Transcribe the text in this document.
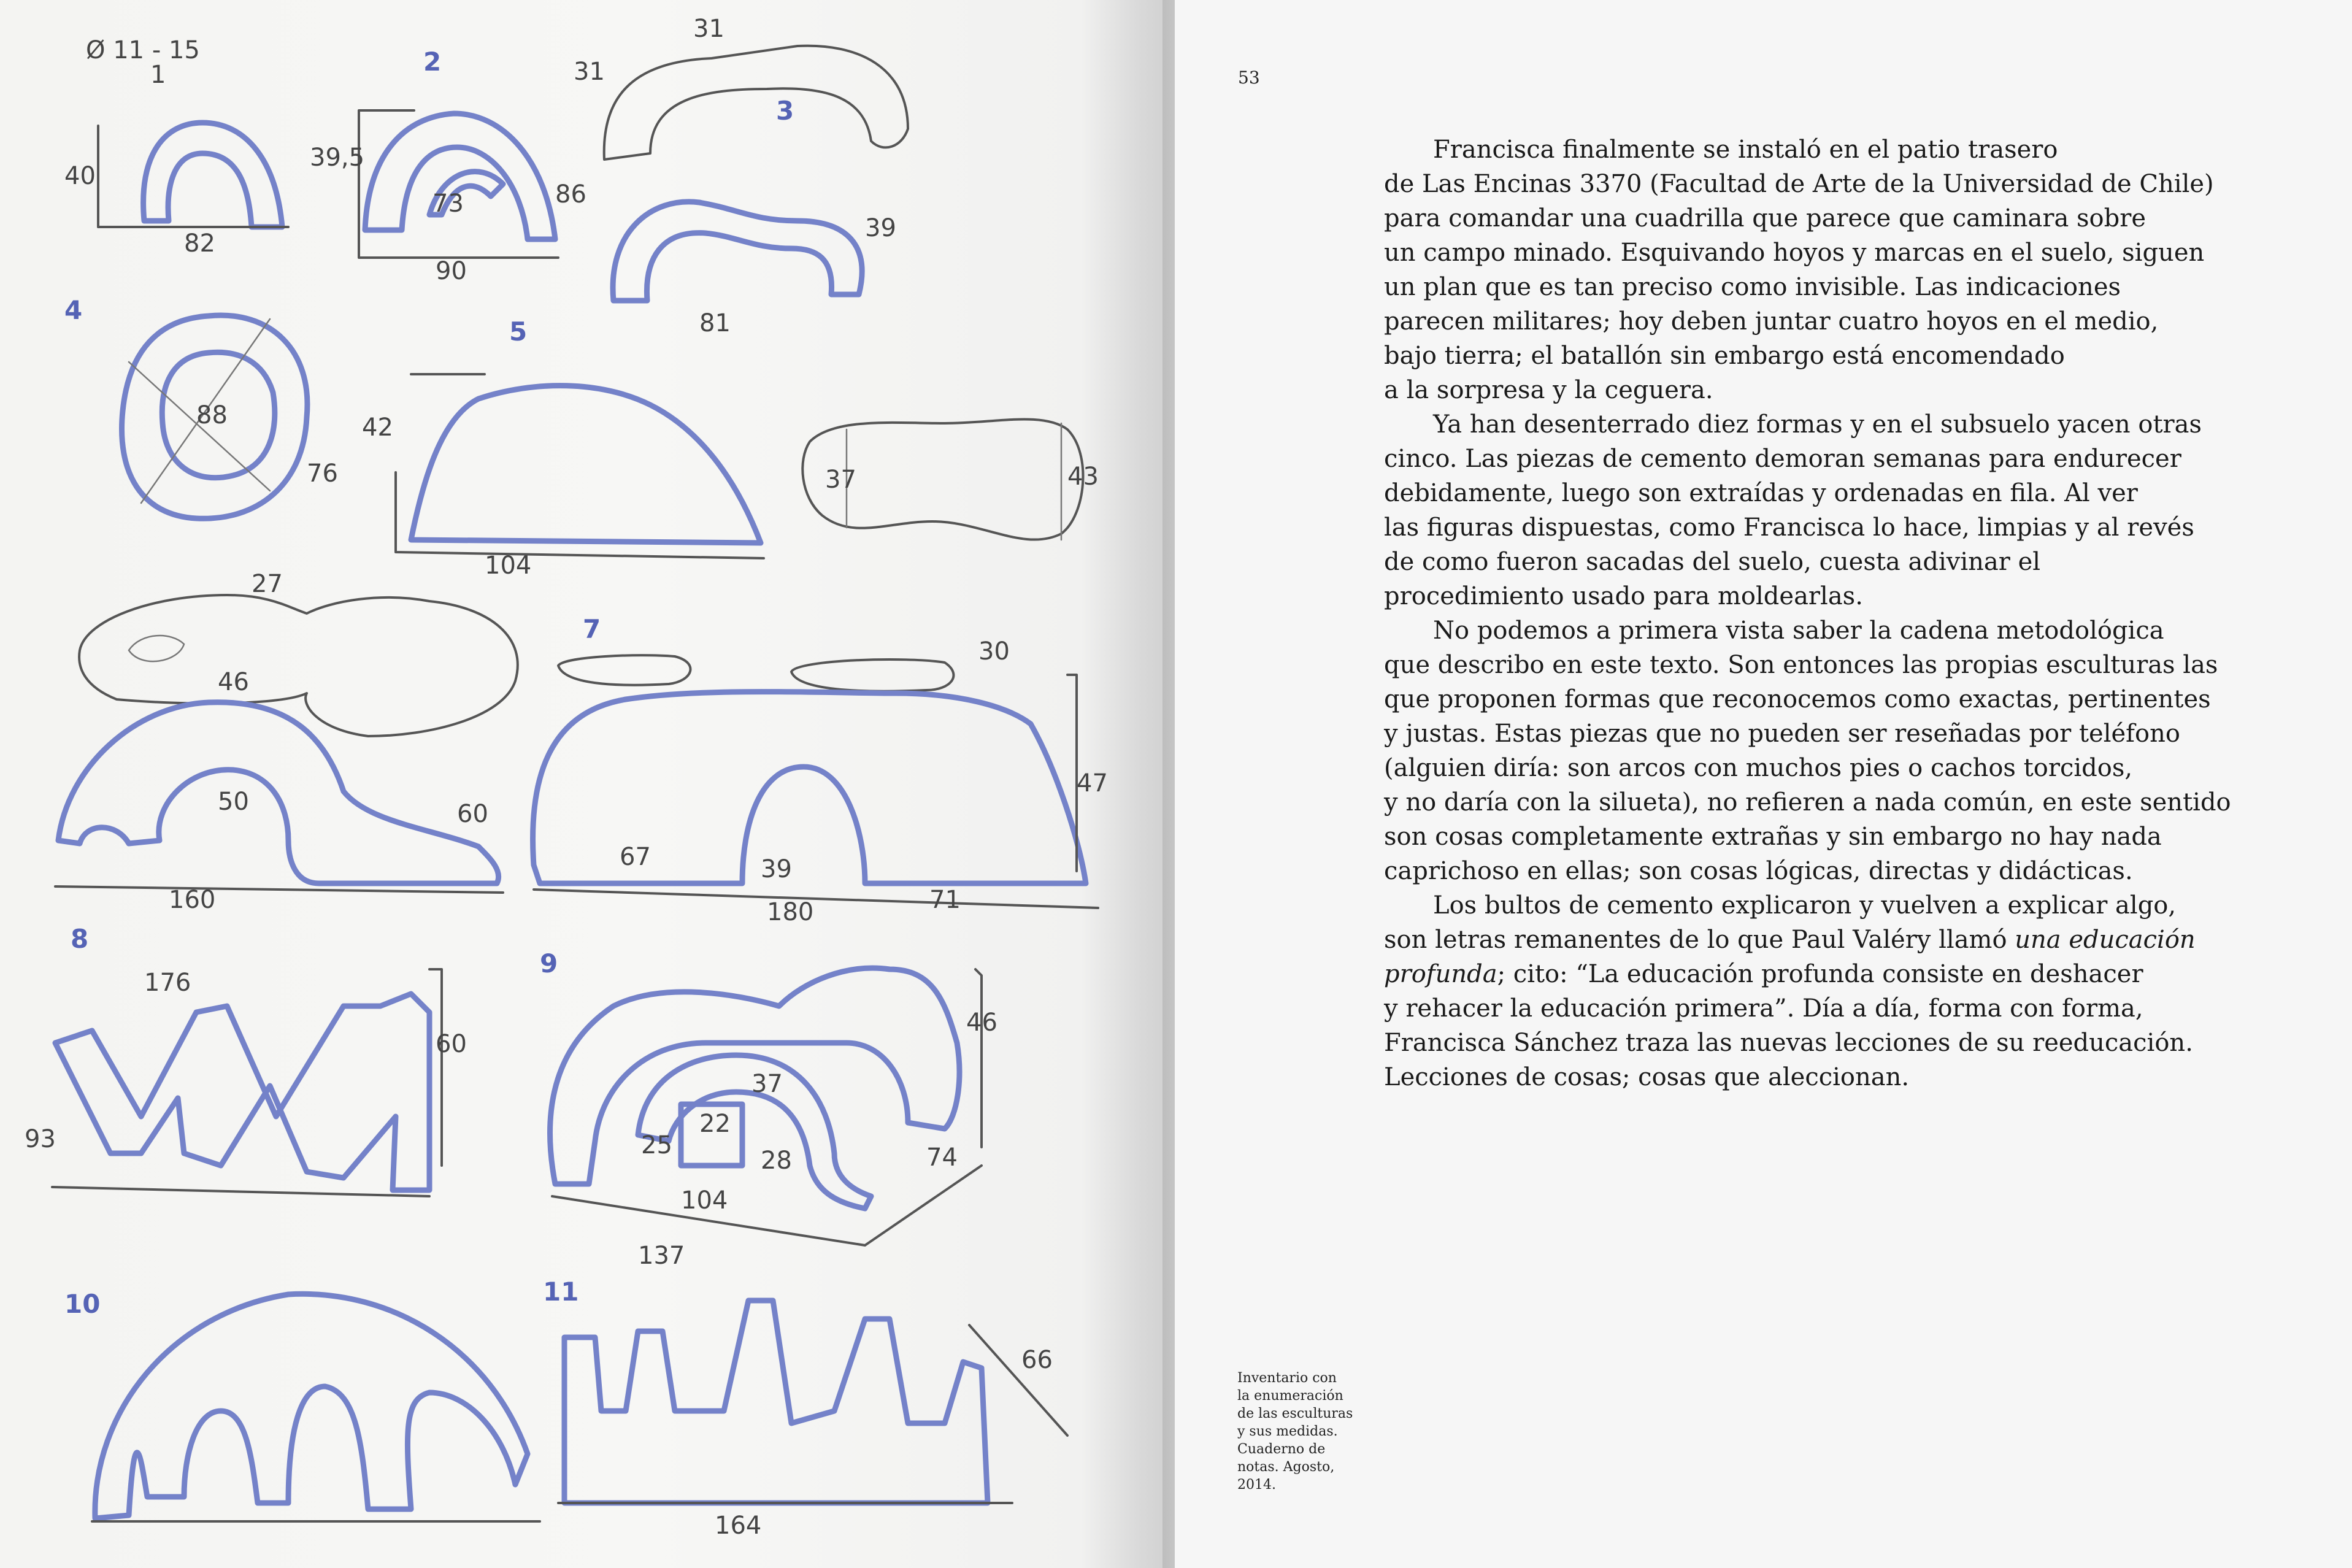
Ø 11 - 15
1
40
82
2
39,5
73	86
90
31
31
3
39
81
4
88
76
5
42
104
37	43
27
46
50	60
160
7
30
47
67	39
71
180
8
176
60
93
9
46
37
22
25
28	74
104
137
10	11
66
164
53

Francisca finalmente se instaló en el patio trasero
de Las Encinas 3370 (Facultad de Arte de la Universidad de Chile)
para comandar una cuadrilla que parece que caminara sobre
un campo minado. Esquivando hoyos y marcas en el suelo, siguen
un plan que es tan preciso como invisible. Las indicaciones
parecen militares; hoy deben juntar cuatro hoyos en el medio,
bajo tierra; el batallón sin embargo está encomendado
a la sorpresa y la ceguera.

Ya han desenterrado diez formas y en el subsuelo yacen otras
cinco. Las piezas de cemento demoran semanas para endurecer
debidamente, luego son extraídas y ordenadas en fila. Al ver
las figuras dispuestas, como Francisca lo hace, limpias y al revés
de como fueron sacadas del suelo, cuesta adivinar el
procedimiento usado para moldearlas.

No podemos a primera vista saber la cadena metodológica
que describo en este texto. Son entonces las propias esculturas las
que proponen formas que reconocemos como exactas, pertinentes
y justas. Estas piezas que no pueden ser reseñadas por teléfono
(alguien diría: son arcos con muchos pies o cachos torcidos,
y no daría con la silueta), no refieren a nada común, en este sentido
son cosas completamente extrañas y sin embargo no hay nada
caprichoso en ellas; son cosas lógicas, directas y didácticas.

Los bultos de cemento explicaron y vuelven a explicar algo,
son letras remanentes de lo que Paul Valéry llamó una educación
profunda; cito: “La educación profunda consiste en deshacer
y rehacer la educación primera”. Día a día, forma con forma,
Francisca Sánchez traza las nuevas lecciones de su reeducación.
Lecciones de cosas; cosas que aleccionan.

Inventario con
la enumeración
de las esculturas
y sus medidas.
Cuaderno de
notas. Agosto,
2014.
